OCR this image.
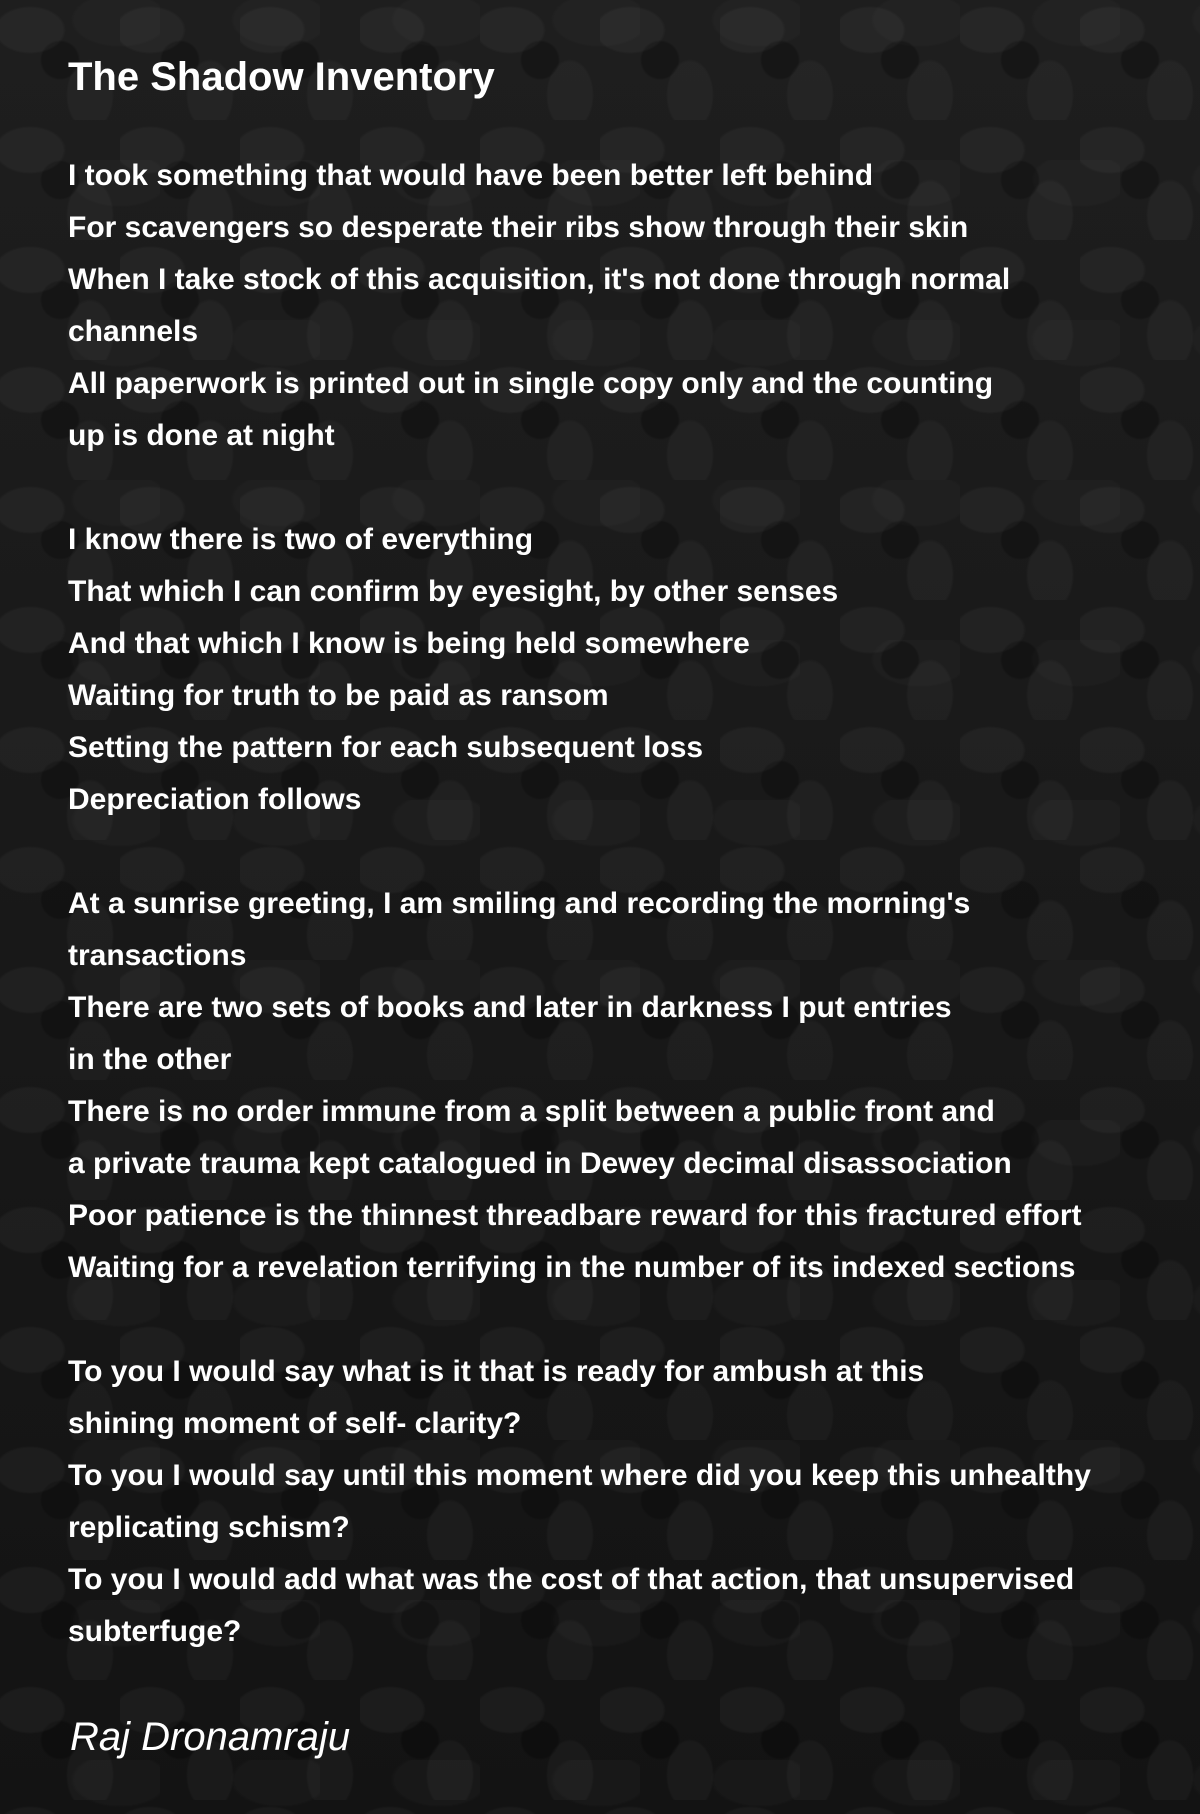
The Shadow Inventory
I took something that would have been better left behind
For scavengers so desperate their ribs show through their skin
When I take stock of this acquisition, it's not done through normal
channels
All paperwork is printed out in single copy only and the counting
up is done at night
I know there is two of everything
That which I can confirm by eyesight, by other senses
And that which I know is being held somewhere
Waiting for truth to be paid as ransom
Setting the pattern for each subsequent loss
Depreciation follows
At a sunrise greeting, I am smiling and recording the morning's
transactions
There are two sets of books and later in darkness I put entries
in the other
There is no order immune from a split between a public front and
a private trauma kept catalogued in Dewey decimal disassociation
Poor patience is the thinnest threadbare reward for this fractured effort
Waiting for a revelation terrifying in the number of its indexed sections
To you I would say what is it that is ready for ambush at this
shining moment of self- clarity?
To you I would say until this moment where did you keep this unhealthy
replicating schism?
To you I would add what was the cost of that action, that unsupervised
subterfuge?
Raj Dronamraju
